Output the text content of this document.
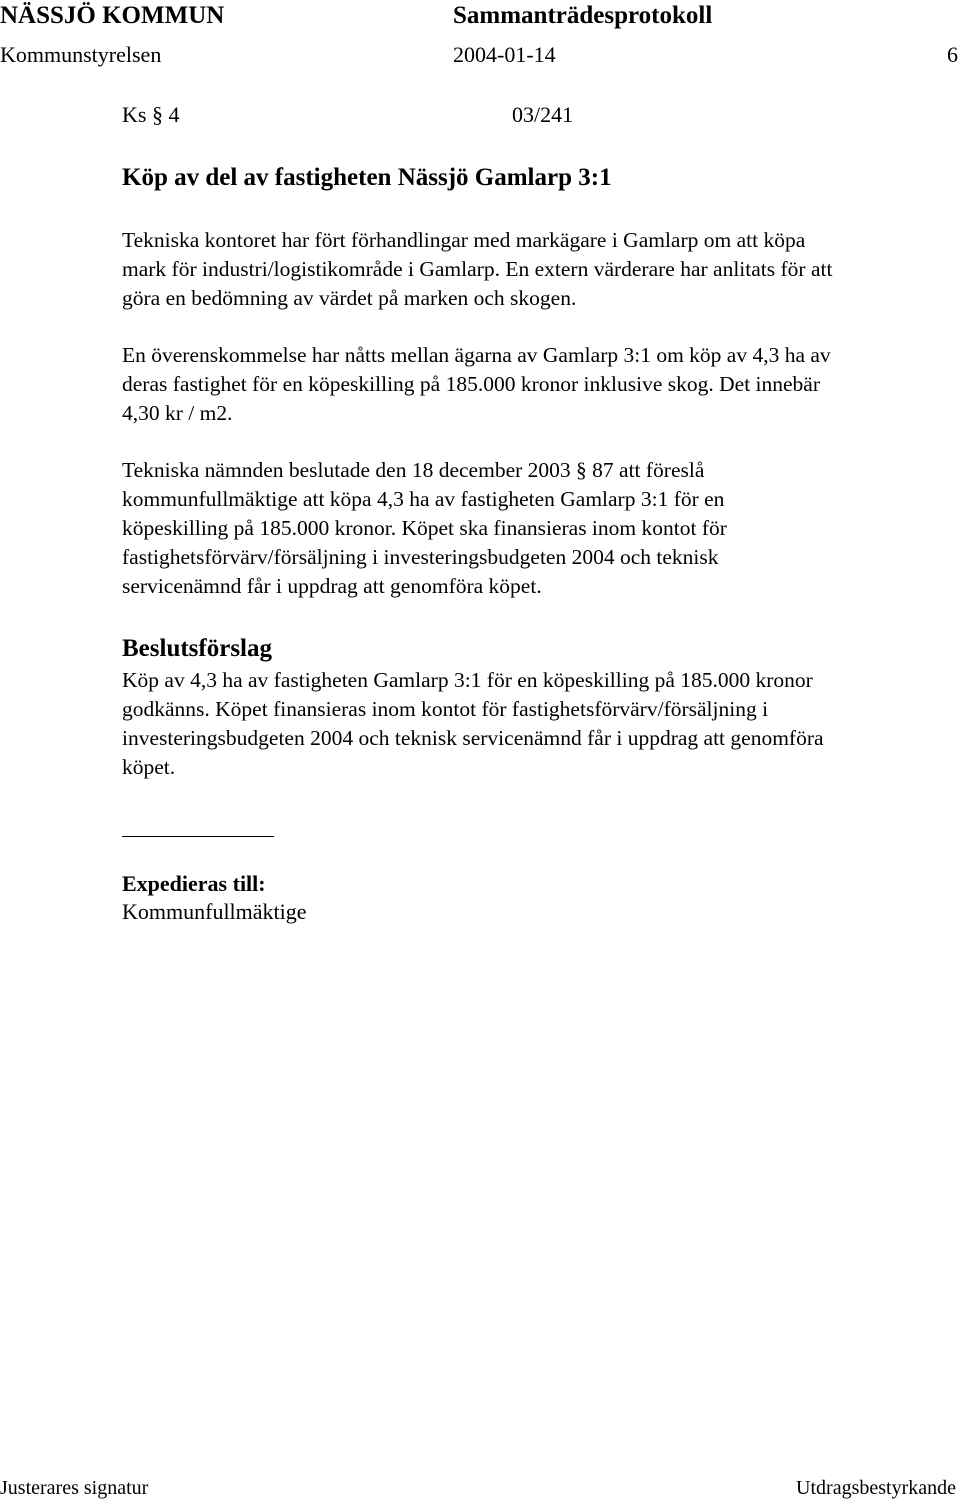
NÄSSJÖ KOMMUN	Sammanträdesprotokoll
Kommunstyrelsen	2004-01-14	6
Ks § 4	03/241
Köp av del av fastigheten Nässjö Gamlarp 3:1
Tekniska kontoret har fört förhandlingar med markägare i Gamlarp om att köpa
mark för industri/logistikområde i Gamlarp. En extern värderare har anlitats för att
göra en bedömning av värdet på marken och skogen.
En överenskommelse har nåtts mellan ägarna av Gamlarp 3:1 om köp av 4,3 ha av
deras fastighet för en köpeskilling på 185.000 kronor inklusive skog. Det innebär
4,30 kr / m2.
Tekniska nämnden beslutade den 18 december 2003 § 87 att föreslå
kommunfullmäktige att köpa 4,3 ha av fastigheten Gamlarp 3:1 för en
köpeskilling på 185.000 kronor. Köpet ska finansieras inom kontot för
fastighetsförvärv/försäljning i investeringsbudgeten 2004 och teknisk
servicenämnd får i uppdrag att genomföra köpet.
Beslutsförslag
Köp av 4,3 ha av fastigheten Gamlarp 3:1 för en köpeskilling på 185.000 kronor
godkänns. Köpet finansieras inom kontot för fastighetsförvärv/försäljning i
investeringsbudgeten 2004 och teknisk servicenämnd får i uppdrag att genomföra
köpet.
Expedieras till:
Kommunfullmäktige
Justerares signatur	Utdragsbestyrkande
